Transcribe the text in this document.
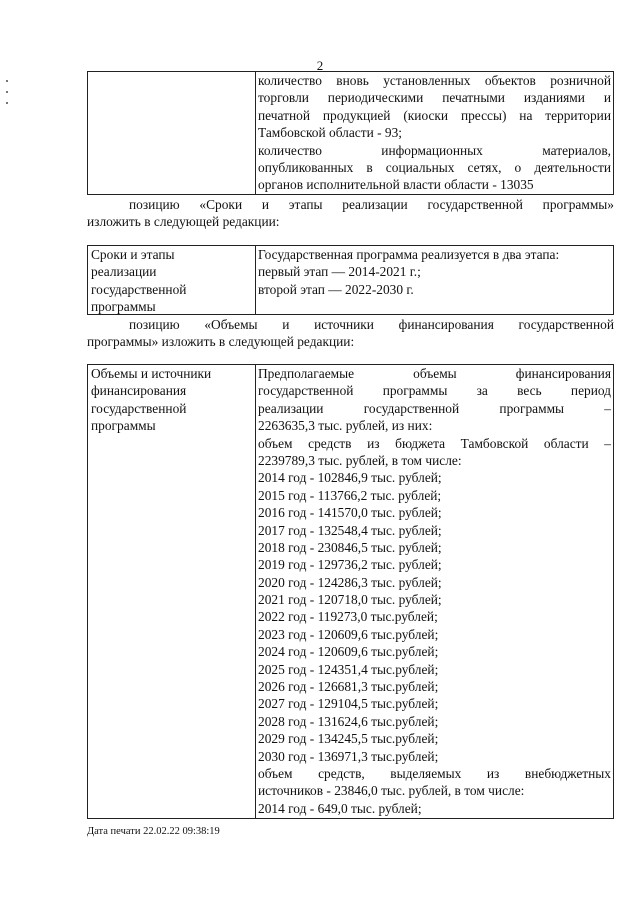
2
количество вновь установленных объектов розничной
торговли периодическими печатными изданиями и
печатной продукцией (киоски прессы) на территории
Тамбовской области - 93;
количество информационных материалов,
опубликованных в социальных сетях, о деятельности
органов исполнительной власти области - 13035
позицию «Сроки и этапы реализации государственной программы»
изложить в следующей редакции:
Сроки и этапы
реализации
государственной
программы
Государственная программа реализуется в два этапа:
первый этап — 2014-2021 г.;
второй этап — 2022-2030 г.
позицию «Объемы и источники финансирования государственной
программы» изложить в следующей редакции:
Объемы и источники
финансирования
государственной
программы
Предполагаемые объемы финансирования
государственной программы за весь период
реализации государственной программы –
2263635,3 тыс. рублей, из них:
объем средств из бюджета Тамбовской области –
2239789,3 тыс. рублей, в том числе:
2014 год - 102846,9 тыс. рублей;
2015 год - 113766,2 тыс. рублей;
2016 год - 141570,0 тыс. рублей;
2017 год - 132548,4 тыс. рублей;
2018 год - 230846,5 тыс. рублей;
2019 год - 129736,2 тыс. рублей;
2020 год - 124286,3 тыс. рублей;
2021 год - 120718,0 тыс. рублей;
2022 год - 119273,0 тыс.рублей;
2023 год - 120609,6 тыс.рублей;
2024 год - 120609,6 тыс.рублей;
2025 год - 124351,4 тыс.рублей;
2026 год - 126681,3 тыс.рублей;
2027 год - 129104,5 тыс.рублей;
2028 год - 131624,6 тыс.рублей;
2029 год - 134245,5 тыс.рублей;
2030 год - 136971,3 тыс.рублей;
объем средств, выделяемых из внебюджетных
источников - 23846,0 тыс. рублей, в том числе:
2014 год - 649,0 тыс. рублей;
Дата печати 22.02.22 09:38:19
